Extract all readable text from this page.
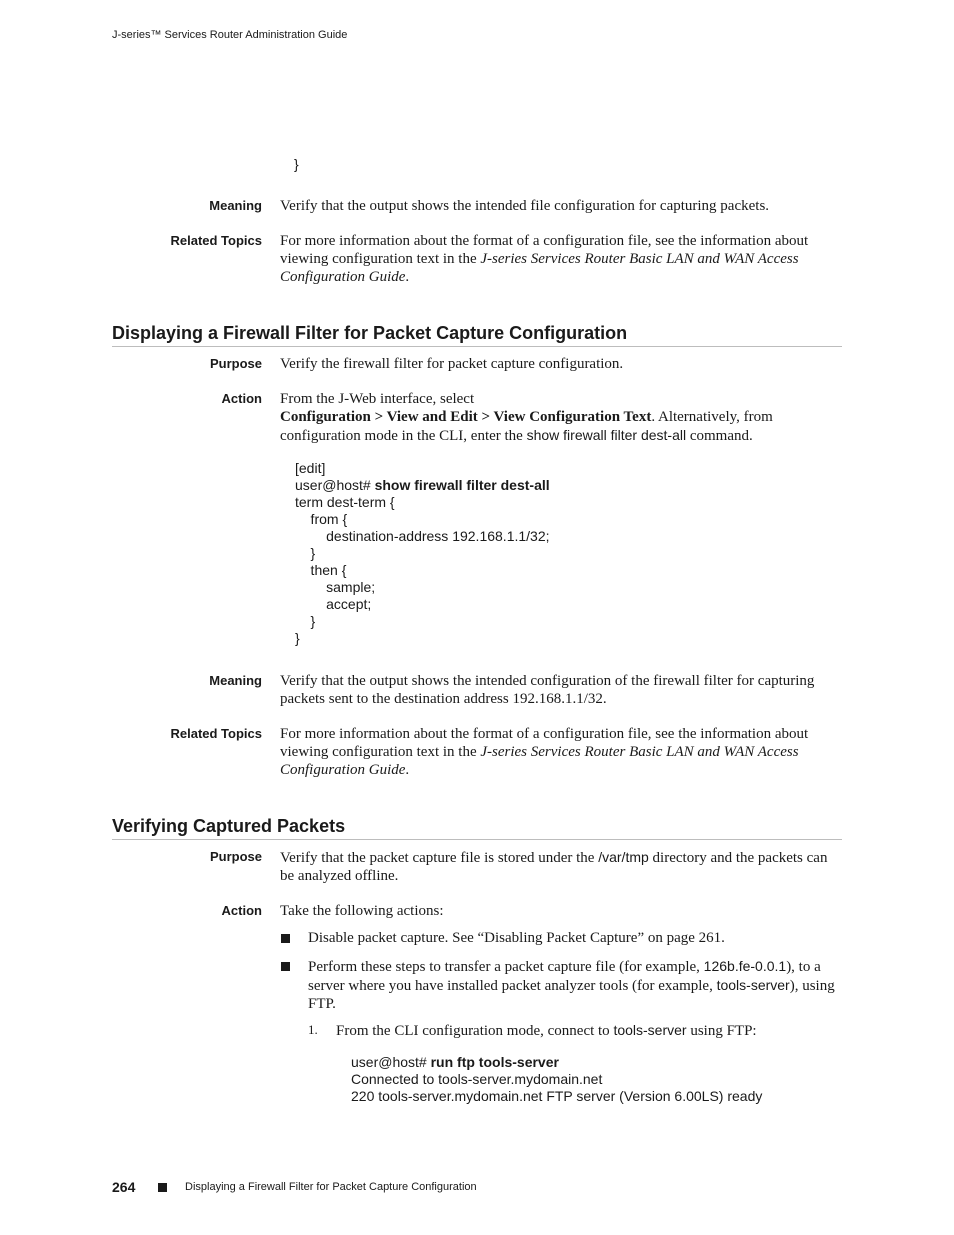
J-series™ Services Router Administration Guide
}
Meaning Verify that the output shows the intended file configuration for capturing packets.
Related Topics For more information about the format of a configuration file, see the information about viewing configuration text in the J-series Services Router Basic LAN and WAN Access Configuration Guide.
Displaying a Firewall Filter for Packet Capture Configuration
Purpose Verify the firewall filter for packet capture configuration.
Action From the J-Web interface, select
Configuration > View and Edit > View Configuration Text. Alternatively, from configuration mode in the CLI, enter the show firewall filter dest-all command.
[edit]
user@host# show firewall filter dest-all
term dest-term {
from {
destination-address 192.168.1.1/32;
}
then {
sample;
accept;
}
}
Meaning Verify that the output shows the intended configuration of the firewall filter for capturing packets sent to the destination address 192.168.1.1/32.
Related Topics For more information about the format of a configuration file, see the information about viewing configuration text in the J-series Services Router Basic LAN and WAN Access Configuration Guide.
Verifying Captured Packets
Purpose Verify that the packet capture file is stored under the /var/tmp directory and the packets can be analyzed offline.
Action Take the following actions:
Disable packet capture. See “Disabling Packet Capture” on page 261.
Perform these steps to transfer a packet capture file (for example, 126b.fe-0.0.1), to a server where you have installed packet analyzer tools (for example, tools-server), using FTP.
1.	From the CLI configuration mode, connect to tools-server using FTP:
user@host# run ftp tools-server
Connected to tools-server.mydomain.net
220 tools-server.mydomain.net FTP server (Version 6.00LS) ready
264	Displaying a Firewall Filter for Packet Capture Configuration
